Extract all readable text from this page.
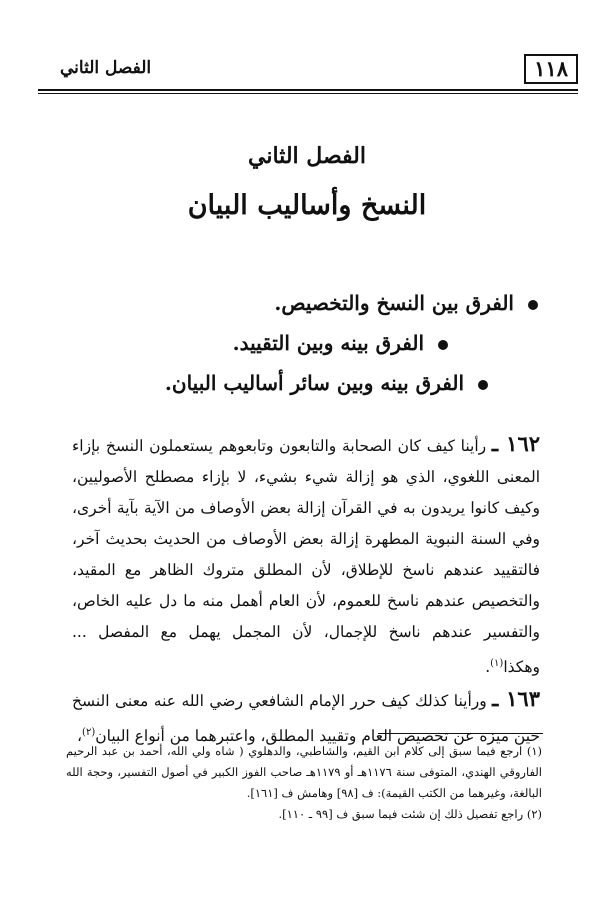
١١٨
الفصل الثاني
الفصل الثاني
النسخ وأساليب البيان
الفرق بين النسخ والتخصيص.
الفرق بينه وبين التقييد.
الفرق بينه وبين سائر أساليب البيان.

١٦٢ ـ رأينا كيف كان الصحابة والتابعون وتابعوهم يستعملون النسخ بإزاء المعنى اللغوي، الذي هو إزالة شيء بشيء، لا بإزاء مصطلح الأصوليين، وكيف كانوا يريدون به في القرآن إزالة بعض الأوصاف من الآية بآية أخرى، وفي السنة النبوية المطهرة إزالة بعض الأوصاف من الحديث بحديث آخر، فالتقييد عندهم ناسخ للإطلاق، لأن المطلق متروك الظاهر مع المقيد، والتخصيص عندهم ناسخ للعموم، لأن العام أهمل منه ما دل عليه الخاص، والتفسير عندهم ناسخ للإجمال، لأن المجمل يهمل مع المفصل ... وهكذا$^{(١)}$.

١٦٣ ـ ورأينا كذلك كيف حرر الإمام الشافعي رضي الله عنه معنى النسخ حين ميزه عن تخصيص العام وتقييد المطلق، واعتبرهما من أنواع البيان$^{(٢)}$،

(١) ارجع فيما سبق إلى كلام ابن القيم، والشاطبي، والدهلوي ( شاه ولي الله، أحمد بن عبد الرحيم الفاروقي الهندي، المتوفى سنة ١١٧٦هـ أو ١١٧٩هـ صاحب الفوز الكبير في أصول التفسير، وحجة الله البالغة، وغيرهما من الكتب القيمة): ف [٩٨] وهامش ف [١٦١].

(٢) راجع تفصيل ذلك إن شئت فيما سبق ف [٩٩ ـ ١١٠].
